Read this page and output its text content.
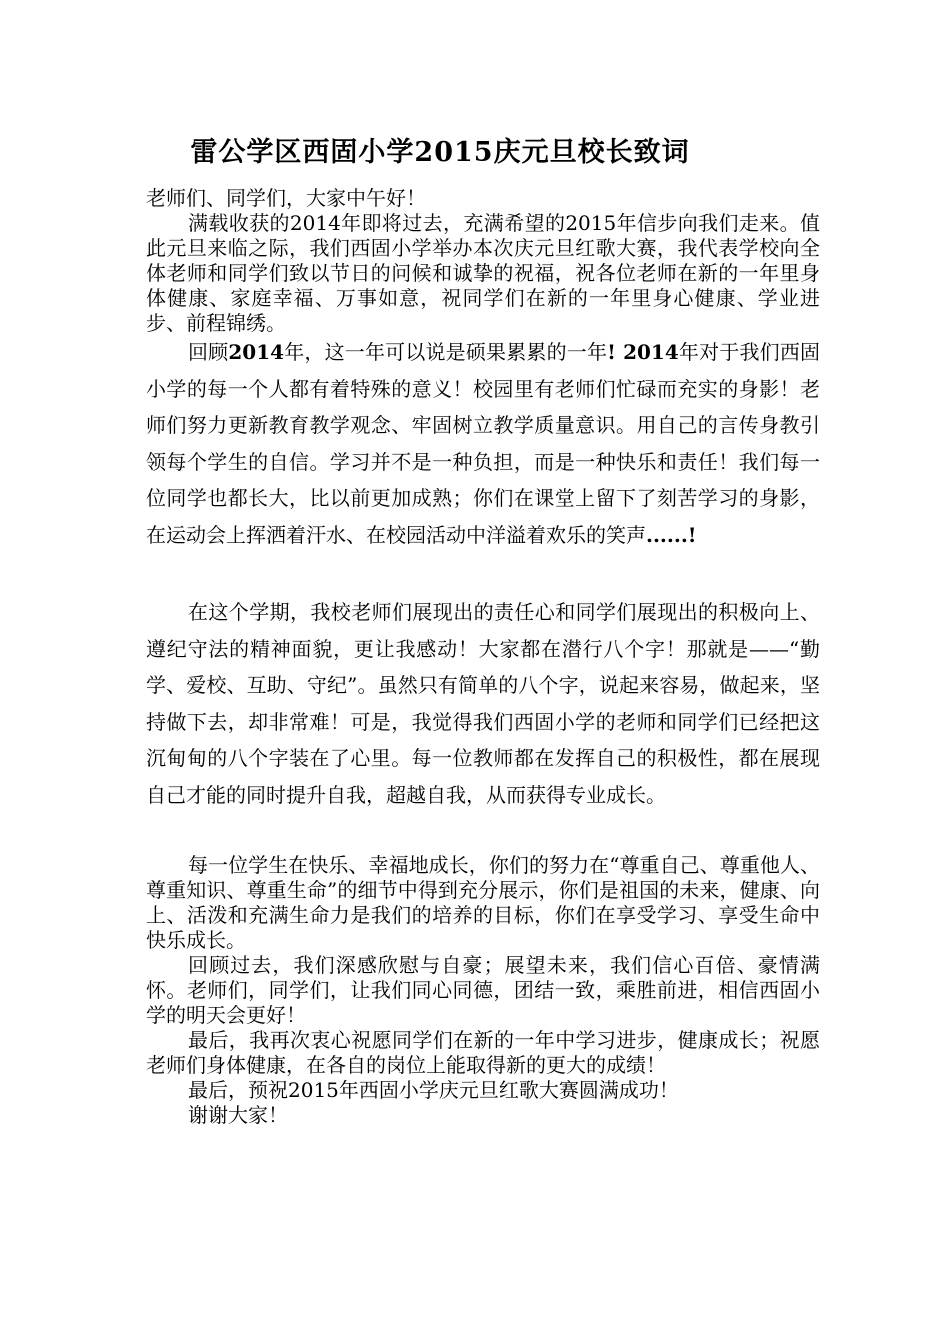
雷公学区西固小学2015庆元旦校长致词

老师们、同学们，大家中午好！

满载收获的2014年即将过去，充满希望的2015年信步向我们走来。值此元旦来临之际，我们西固小学举办本次庆元旦红歌大赛，我代表学校向全体老师和同学们致以节日的问候和诚挚的祝福，祝各位老师在新的一年里身体健康、家庭幸福、万事如意，祝同学们在新的一年里身心健康、学业进步、前程锦绣。

回顾2014年，这一年可以说是硕果累累的一年! 2014年对于我们西固小学的每一个人都有着特殊的意义！校园里有老师们忙碌而充实的身影！老师们努力更新教育教学观念、牢固树立教学质量意识。用自己的言传身教引领每个学生的自信。学习并不是一种负担，而是一种快乐和责任！我们每一位同学也都长大，比以前更加成熟；你们在课堂上留下了刻苦学习的身影，在运动会上挥洒着汗水、在校园活动中洋溢着欢乐的笑声......!

在这个学期，我校老师们展现出的责任心和同学们展现出的积极向上、遵纪守法的精神面貌，更让我感动！大家都在潜行八个字！那就是——“勤学、爱校、互助、守纪”。虽然只有简单的八个字，说起来容易，做起来，坚持做下去，却非常难！可是，我觉得我们西固小学的老师和同学们已经把这沉甸甸的八个字装在了心里。每一位教师都在发挥自己的积极性，都在展现自己才能的同时提升自我，超越自我，从而获得专业成长。

每一位学生在快乐、幸福地成长，你们的努力在“尊重自己、尊重他人、尊重知识、尊重生命”的细节中得到充分展示，你们是祖国的未来，健康、向上、活泼和充满生命力是我们的培养的目标，你们在享受学习、享受生命中快乐成长。

回顾过去，我们深感欣慰与自豪；展望未来，我们信心百倍、豪情满怀。老师们，同学们，让我们同心同德，团结一致，乘胜前进，相信西固小学的明天会更好！

最后，我再次衷心祝愿同学们在新的一年中学习进步，健康成长；祝愿老师们身体健康，在各自的岗位上能取得新的更大的成绩！

最后，预祝2015年西固小学庆元旦红歌大赛圆满成功！

谢谢大家！
